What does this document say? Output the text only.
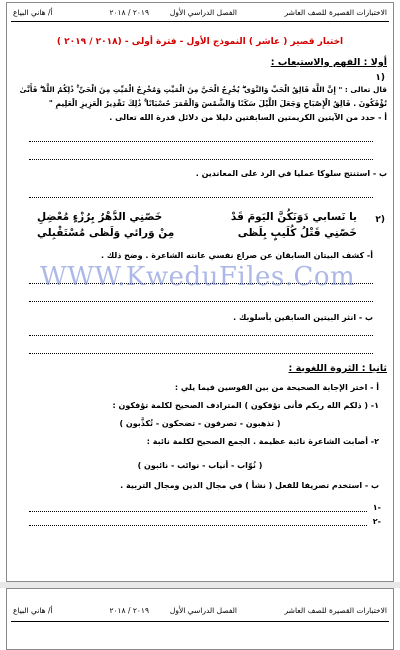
الاختبارات القصيرة للصف العاشر
الفصل الدراسي الأول
٢٠١٩ / ٢٠١٨
أ/ هاني البياع
اختبار قصير ( عاشر ) النموذج الأول - فترة أولى - (٢٠١٨ / ٢٠١٩ )
أولا : الفهم والاستيعاب :
(١
قال تعالى : " إِنَّ اللَّهَ فَالِقُ الْحَبِّ وَالنَّوَى ۖ يُخْرِجُ الْحَيَّ مِنَ الْمَيِّتِ وَمُخْرِجُ الْمَيِّتِ مِنَ الْحَيِّ ۚ ذَٰلِكُمُ اللَّهُ ۖ فَأَنَّىٰ
تُؤْفَكُونَ . فَالِقُ الْإِصْبَاحِ وَجَعَلَ اللَّيْلَ سَكَنًا وَالشَّمْسَ وَالْقَمَرَ حُسْبَانًا ۚ ذَٰلِكَ تَقْدِيرُ الْعَزِيزِ الْعَلِيمِ "
أ - حدد من الآيتين الكريمتين السابقتين دليلا من دلائل قدرة الله تعالى .
ب - استنتج سلوكا عمليا في الرد على المعاندين .
(٢
يا نَسابي دَوَنَكُنَّ اليَومَ قَدْ
خَصّنِي الدَّهْرُ بِرُزْءٍ مُعْضِلِ
خَصّنِي قَتْلُ كُلَيبٍ بِلَظى
مِنْ وَرائي وَلَظى مُسْتَقْبِلي
أ- كشف البيتان السابقان عن صراع نفسي عانته الشاعرة . وضح ذلك .
ب - انثر البيتين السابقين بأسلوبك .
ثانيا : الثروة اللغوية :
أ - اختر الإجابة الصحيحة من بين القوسين فيما يلي :
١- ( ذلكم الله ربكم فأنى تؤفكون ) المترادف الصحيح لكلمة تؤفكون :
( تذهبون - تصرفون - تضحكون - تُكذَّبون )
٢- أصابت الشاعرة نائبة عظيمة . الجمع الصحيح لكلمة نائبة :
( نُوّاب - أنياب - نوائب - نائبون )
ب - استخدم تصريفا للفعل ( نشأ ) في مجال الدين ومجال التربية .
-١
-٢
WWW.KweduFiles.Com
الاختبارات القصيرة للصف العاشر
الفصل الدراسي الأول
٢٠١٩ / ٢٠١٨
أ/ هاني البياع
